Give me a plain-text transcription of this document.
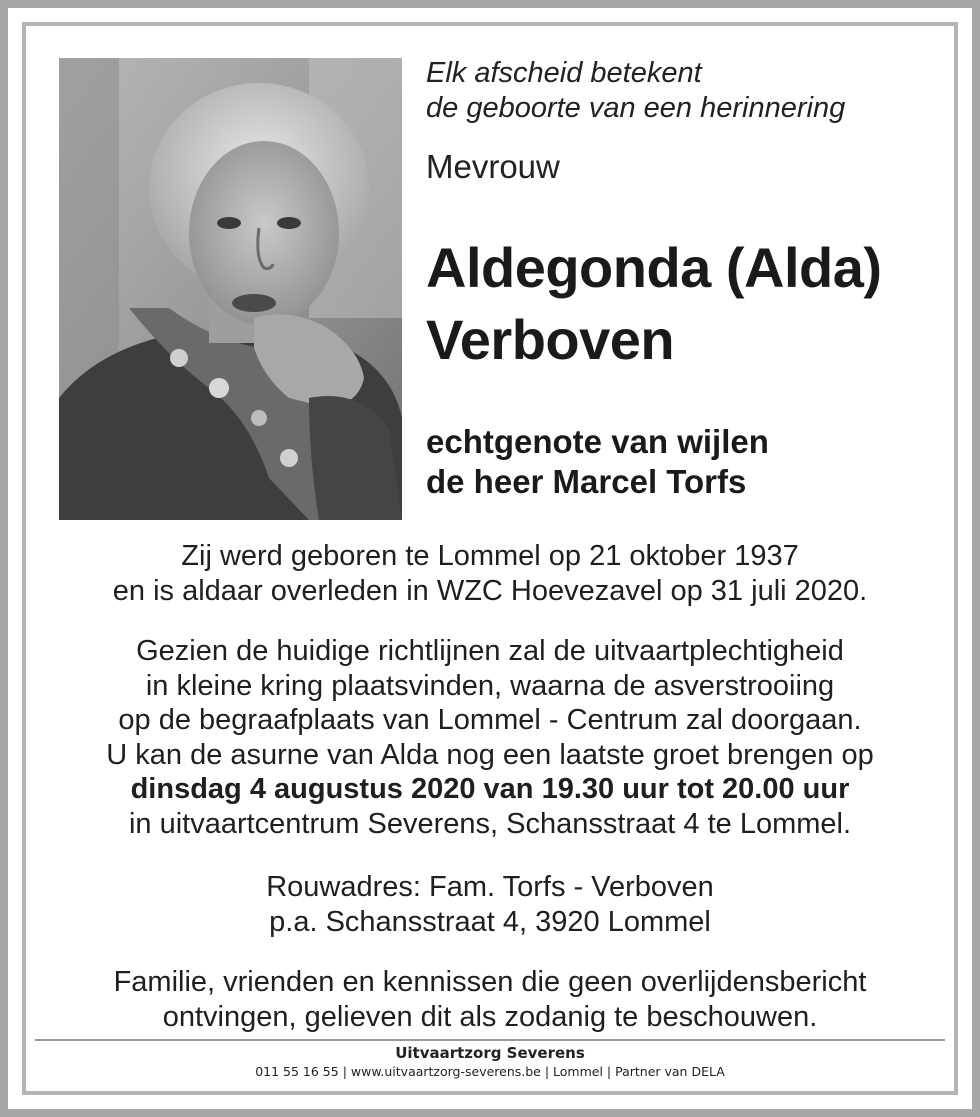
Elk afscheid betekent
de geboorte van een herinnering
Mevrouw
Aldegonda (Alda)
Verboven
echtgenote van wijlen
de heer Marcel Torfs
Zij werd geboren te Lommel op 21 oktober 1937
en is aldaar overleden in WZC Hoevezavel op 31 juli 2020.
Gezien de huidige richtlijnen zal de uitvaartplechtigheid
in kleine kring plaatsvinden, waarna de asverstrooiing
op de begraafplaats van Lommel - Centrum zal doorgaan.
U kan de asurne van Alda nog een laatste groet brengen op
dinsdag 4 augustus 2020 van 19.30 uur tot 20.00 uur
in uitvaartcentrum Severens, Schansstraat 4 te Lommel.
Rouwadres: Fam. Torfs - Verboven
p.a. Schansstraat 4, 3920 Lommel
Familie, vrienden en kennissen die geen overlijdensbericht
ontvingen, gelieven dit als zodanig te beschouwen.
Uitvaartzorg Severens
011 55 16 55 | www.uitvaartzorg-severens.be | Lommel | Partner van DELA
